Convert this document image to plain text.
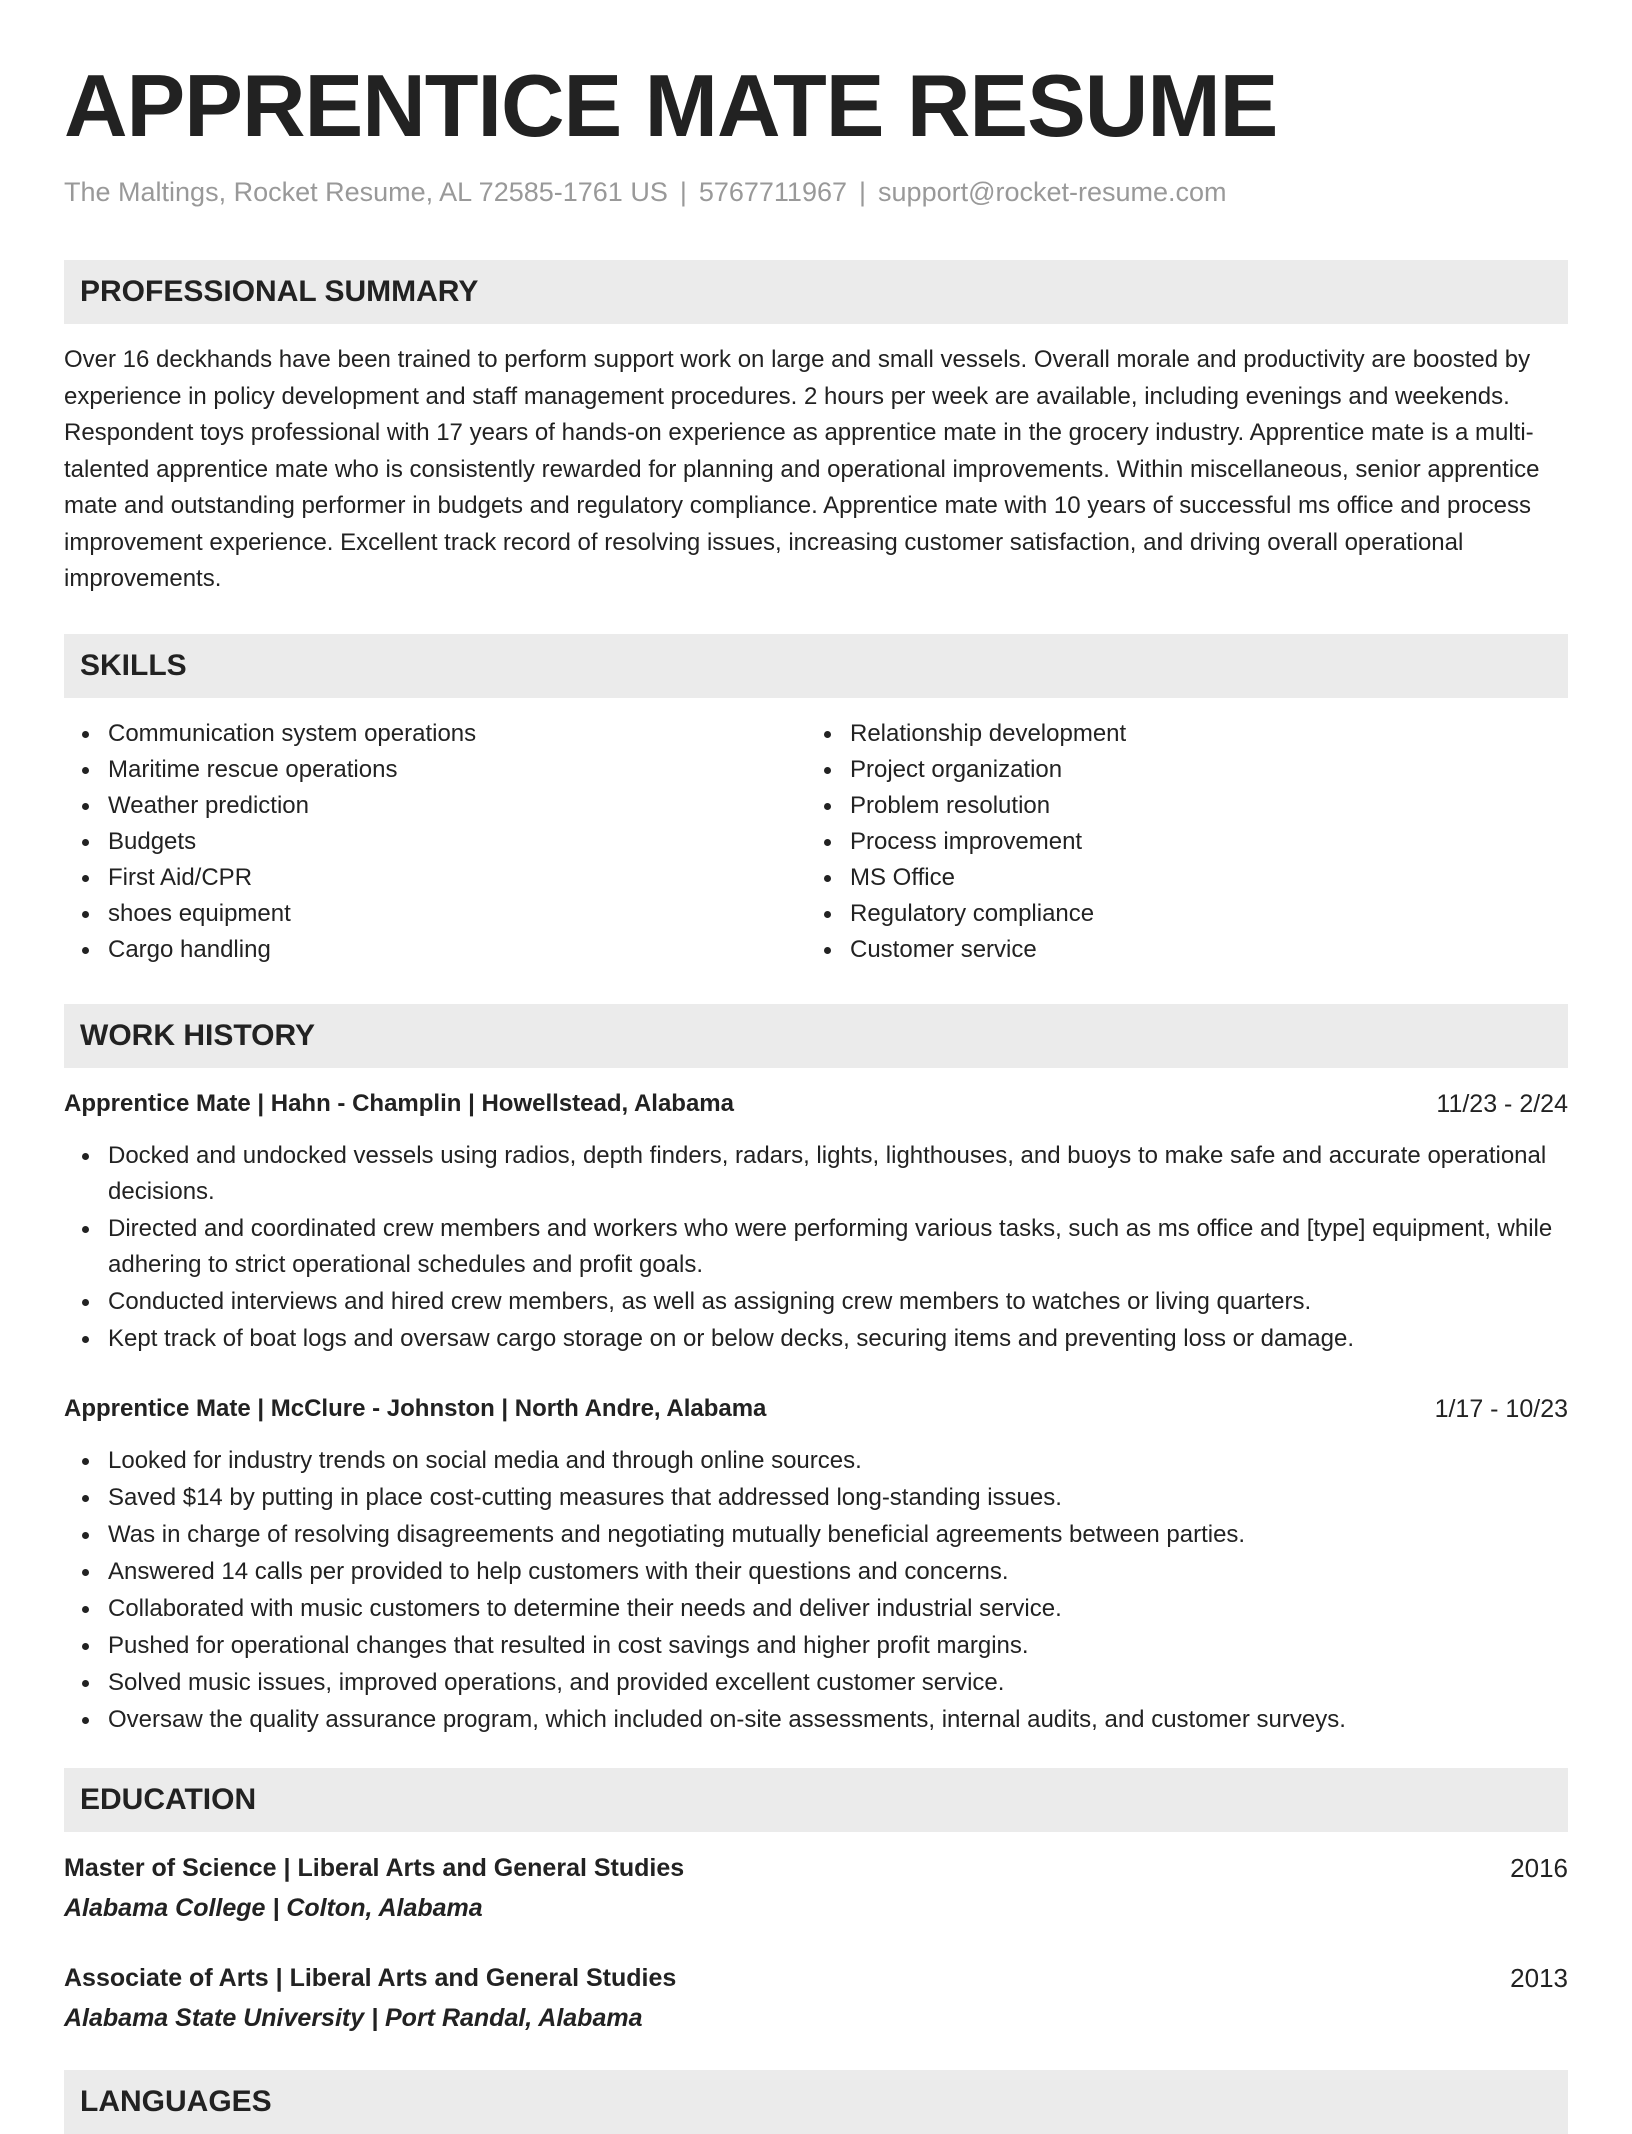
APPRENTICE MATE RESUME
The Maltings, Rocket Resume, AL 72585-1761 US | 5767711967 | support@rocket-resume.com
PROFESSIONAL SUMMARY
Over 16 deckhands have been trained to perform support work on large and small vessels. Overall morale and productivity are boosted by experience in policy development and staff management procedures. 2 hours per week are available, including evenings and weekends. Respondent toys professional with 17 years of hands-on experience as apprentice mate in the grocery industry. Apprentice mate is a multi-talented apprentice mate who is consistently rewarded for planning and operational improvements. Within miscellaneous, senior apprentice mate and outstanding performer in budgets and regulatory compliance. Apprentice mate with 10 years of successful ms office and process improvement experience. Excellent track record of resolving issues, increasing customer satisfaction, and driving overall operational improvements.
SKILLS
Communication system operations
Maritime rescue operations
Weather prediction
Budgets
First Aid/CPR
shoes equipment
Cargo handling
Relationship development
Project organization
Problem resolution
Process improvement
MS Office
Regulatory compliance
Customer service
WORK HISTORY
Apprentice Mate | Hahn - Champlin | Howellstead, Alabama	11/23 - 2/24
Docked and undocked vessels using radios, depth finders, radars, lights, lighthouses, and buoys to make safe and accurate operational decisions.
Directed and coordinated crew members and workers who were performing various tasks, such as ms office and [type] equipment, while adhering to strict operational schedules and profit goals.
Conducted interviews and hired crew members, as well as assigning crew members to watches or living quarters.
Kept track of boat logs and oversaw cargo storage on or below decks, securing items and preventing loss or damage.
Apprentice Mate | McClure - Johnston | North Andre, Alabama	1/17 - 10/23
Looked for industry trends on social media and through online sources.
Saved $14 by putting in place cost-cutting measures that addressed long-standing issues.
Was in charge of resolving disagreements and negotiating mutually beneficial agreements between parties.
Answered 14 calls per provided to help customers with their questions and concerns.
Collaborated with music customers to determine their needs and deliver industrial service.
Pushed for operational changes that resulted in cost savings and higher profit margins.
Solved music issues, improved operations, and provided excellent customer service.
Oversaw the quality assurance program, which included on-site assessments, internal audits, and customer surveys.
EDUCATION
Master of Science | Liberal Arts and General Studies	2016
Alabama College | Colton, Alabama
Associate of Arts | Liberal Arts and General Studies	2013
Alabama State University | Port Randal, Alabama
LANGUAGES
